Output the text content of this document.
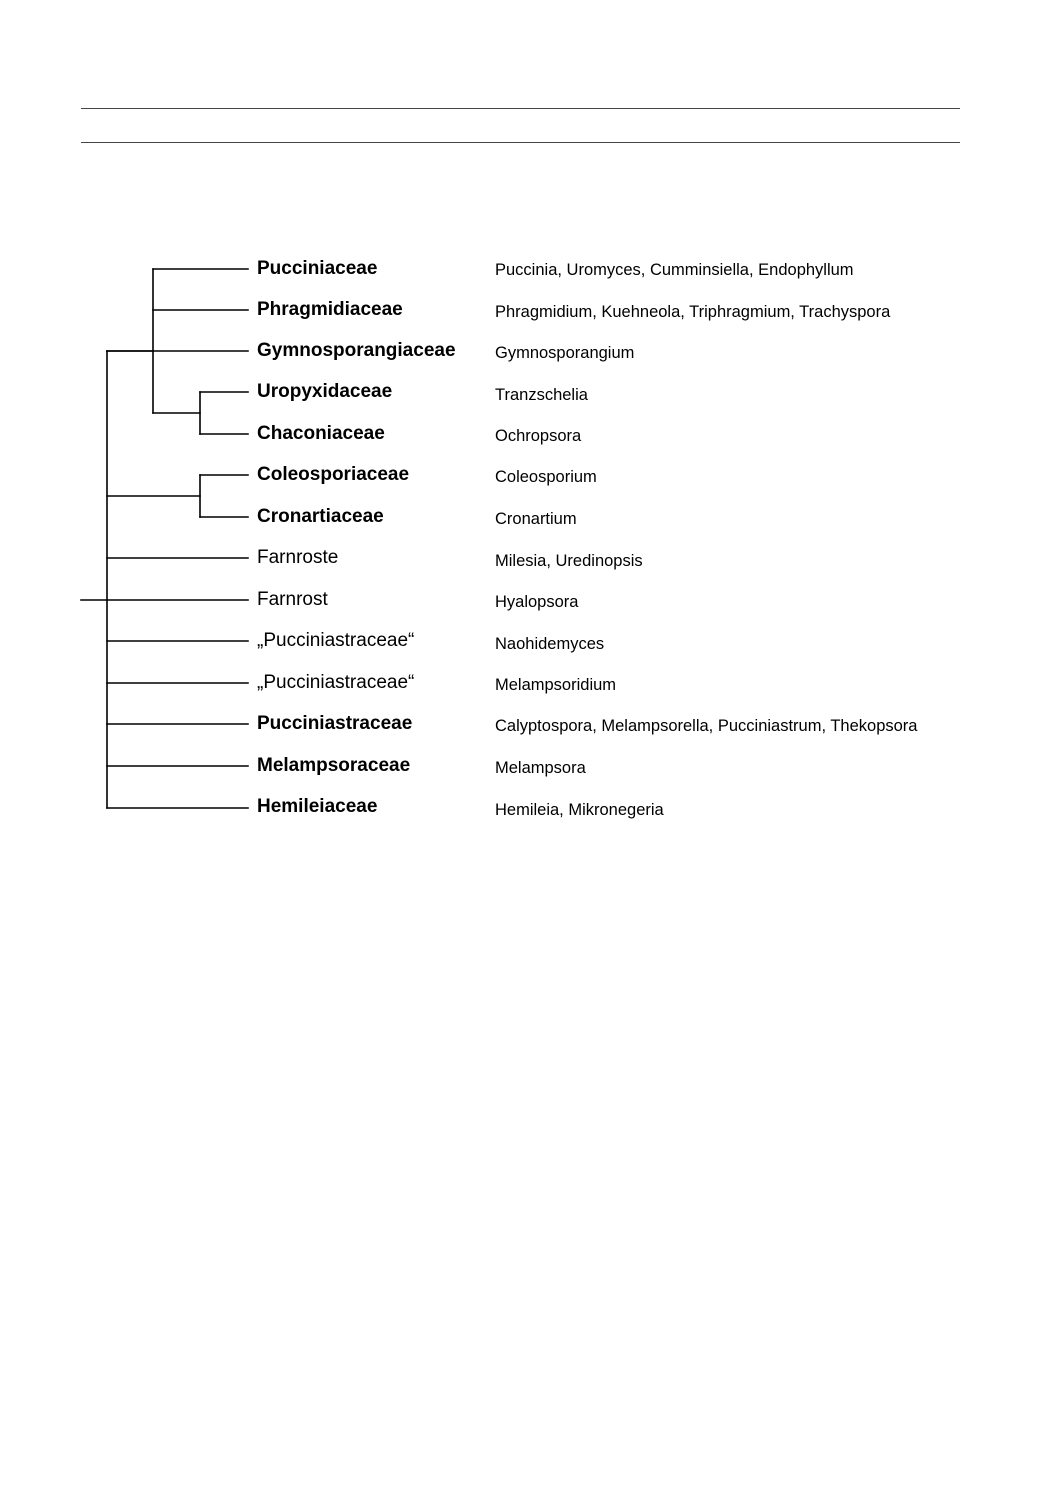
Pucciniaceae	Puccinia, Uromyces, Cumminsiella, Endophyllum
Phragmidiaceae	Phragmidium, Kuehneola, Triphragmium, Trachyspora
Gymnosporangiaceae Gymnosporangium
Uropyxidaceae	Tranzschelia
Chaconiaceae	Ochropsora
Coleosporiaceae	Coleosporium
Cronartiaceae	Cronartium
Farnroste	Milesia, Uredinopsis
Farnrost	Hyalopsora
„Pucciniastraceae“	Naohidemyces
„Pucciniastraceae“	Melampsoridium
Pucciniastraceae	Calyptospora, Melampsorella, Pucciniastrum, Thekopsora
Melampsoraceae	Melampsora
Hemileiaceae	Hemileia, Mikronegeria
